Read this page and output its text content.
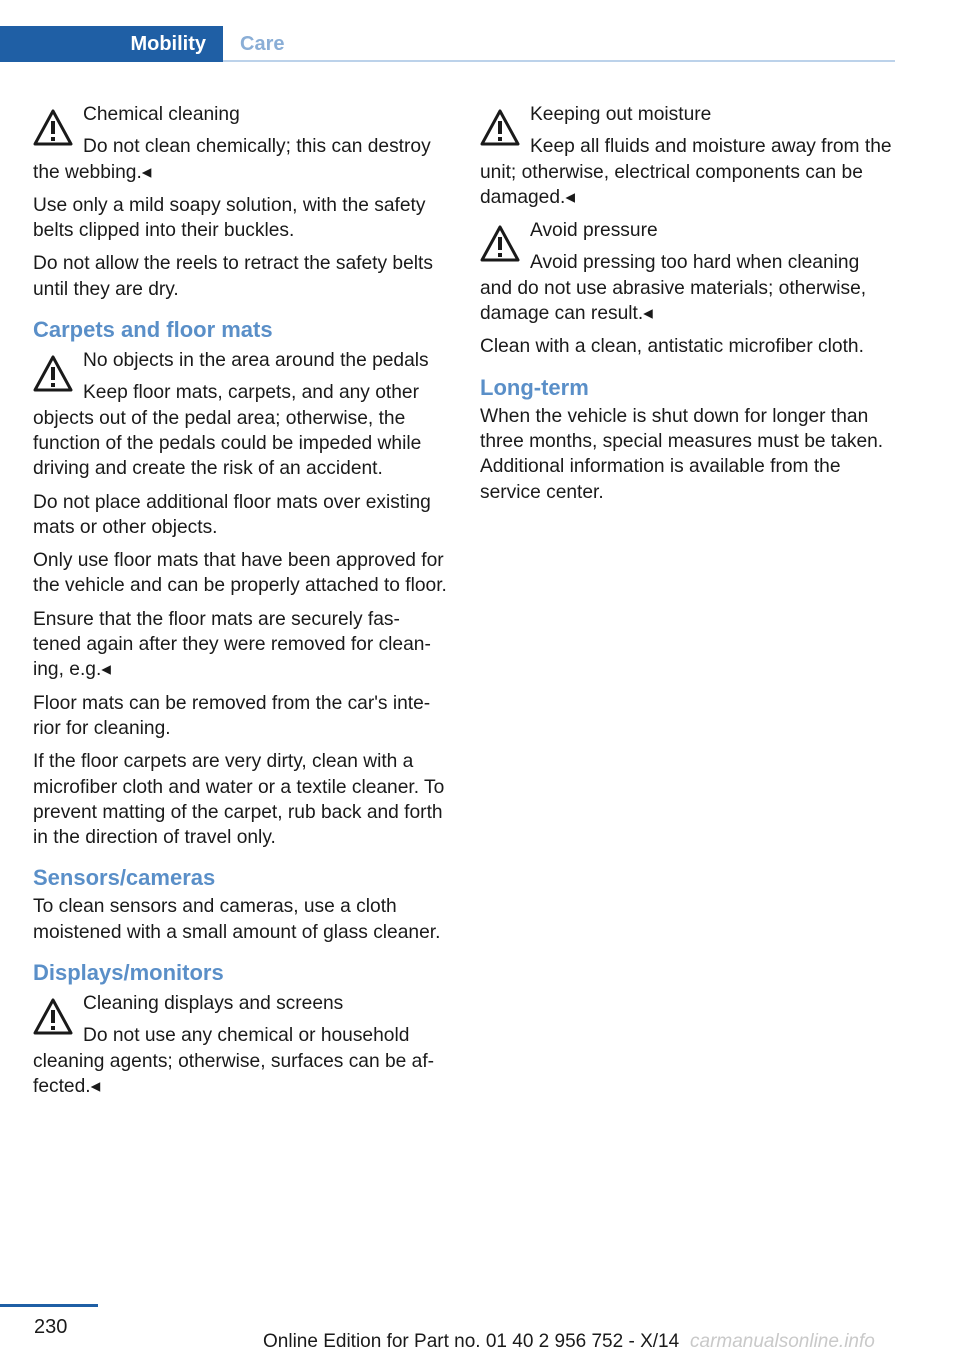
Mobility	Care
Chemical cleaning
Do not clean chemically; this can destroy the webbing.◂

Use only a mild soapy solution, with the safety belts clipped into their buckles.

Do not allow the reels to retract the safety belts until they are dry.

Carpets and floor mats
No objects in the area around the pedals
Keep floor mats, carpets, and any other objects out of the pedal area; otherwise, the function of the pedals could be impeded while driving and create the risk of an accident.

Do not place additional floor mats over existing mats or other objects.

Only use floor mats that have been approved for the vehicle and can be properly attached to floor.

Ensure that the floor mats are securely fas‐tened again after they were removed for clean‐ing, e.g.◂

Floor mats can be removed from the car's inte‐rior for cleaning.

If the floor carpets are very dirty, clean with a microfiber cloth and water or a textile cleaner. To prevent matting of the carpet, rub back and forth in the direction of travel only.

Sensors/cameras

To clean sensors and cameras, use a cloth moistened with a small amount of glass cleaner.

Displays/monitors
Cleaning displays and screens
Do not use any chemical or household cleaning agents; otherwise, surfaces can be af‐fected.◂
Keeping out moisture
Keep all fluids and moisture away from the unit; otherwise, electrical components can be damaged.◂
Avoid pressure
Avoid pressing too hard when cleaning and do not use abrasive materials; otherwise, damage can result.◂

Clean with a clean, antistatic microfiber cloth.

Long-term

When the vehicle is shut down for longer than three months, special measures must be taken. Additional information is available from the service center.

230
Online Edition for Part no. 01 40 2 956 752 - X/14 carmanualsonline.info
